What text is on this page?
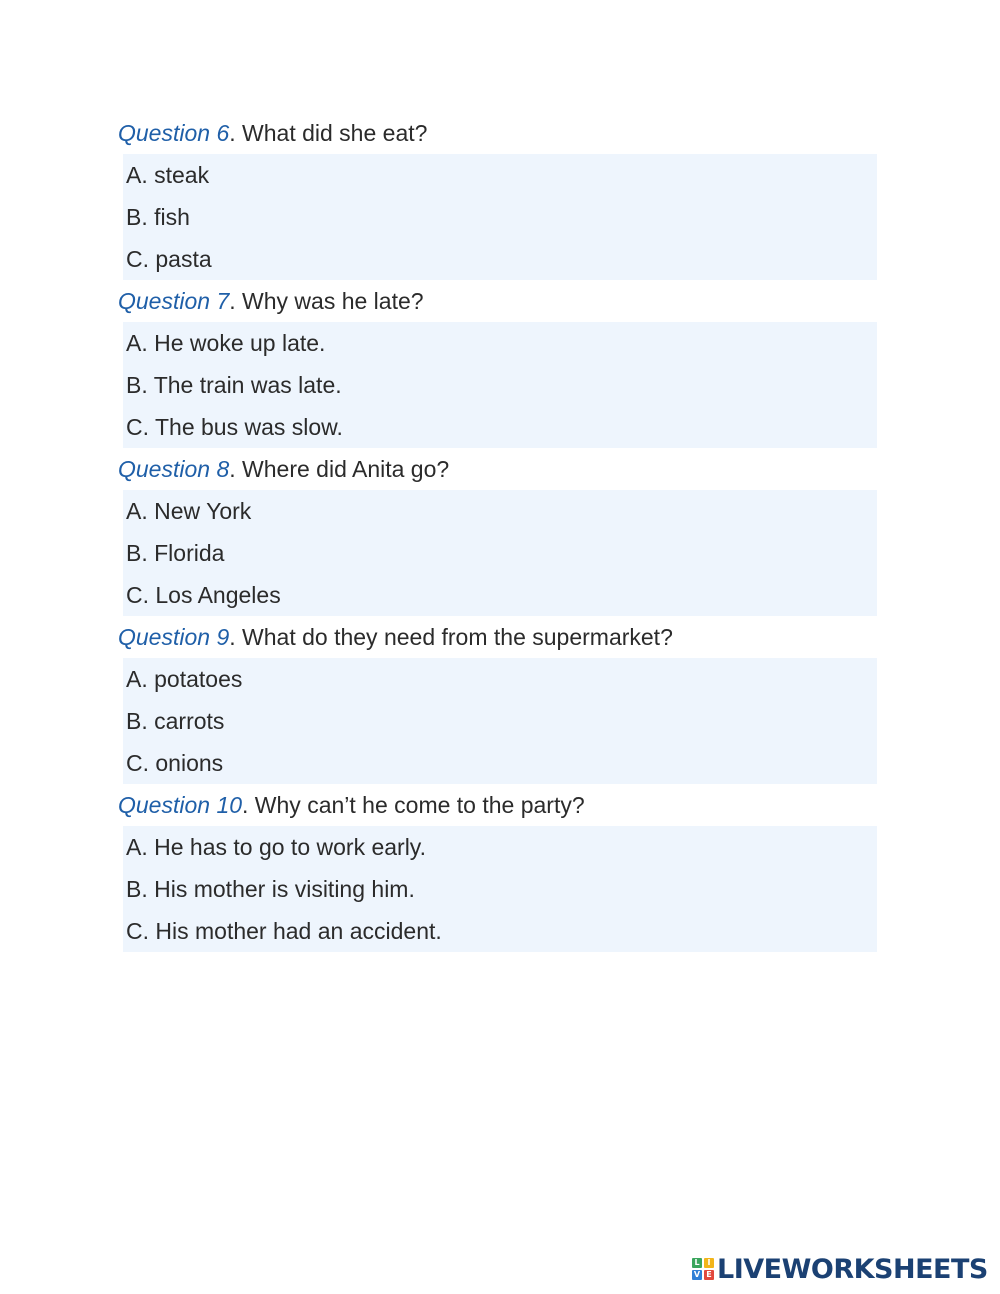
Question 6. What did she eat?
A. steak
B. fish
C. pasta
Question 7. Why was he late?
A. He woke up late.
B. The train was late.
C. The bus was slow.
Question 8. Where did Anita go?
A. New York
B. Florida
C. Los Angeles
Question 9. What do they need from the supermarket?
A. potatoes
B. carrots
C. onions
Question 10. Why can’t he come to the party?
A. He has to go to work early.
B. His mother is visiting him.
C. His mother had an accident.
L I
V E LIVEWORKSHEETS
